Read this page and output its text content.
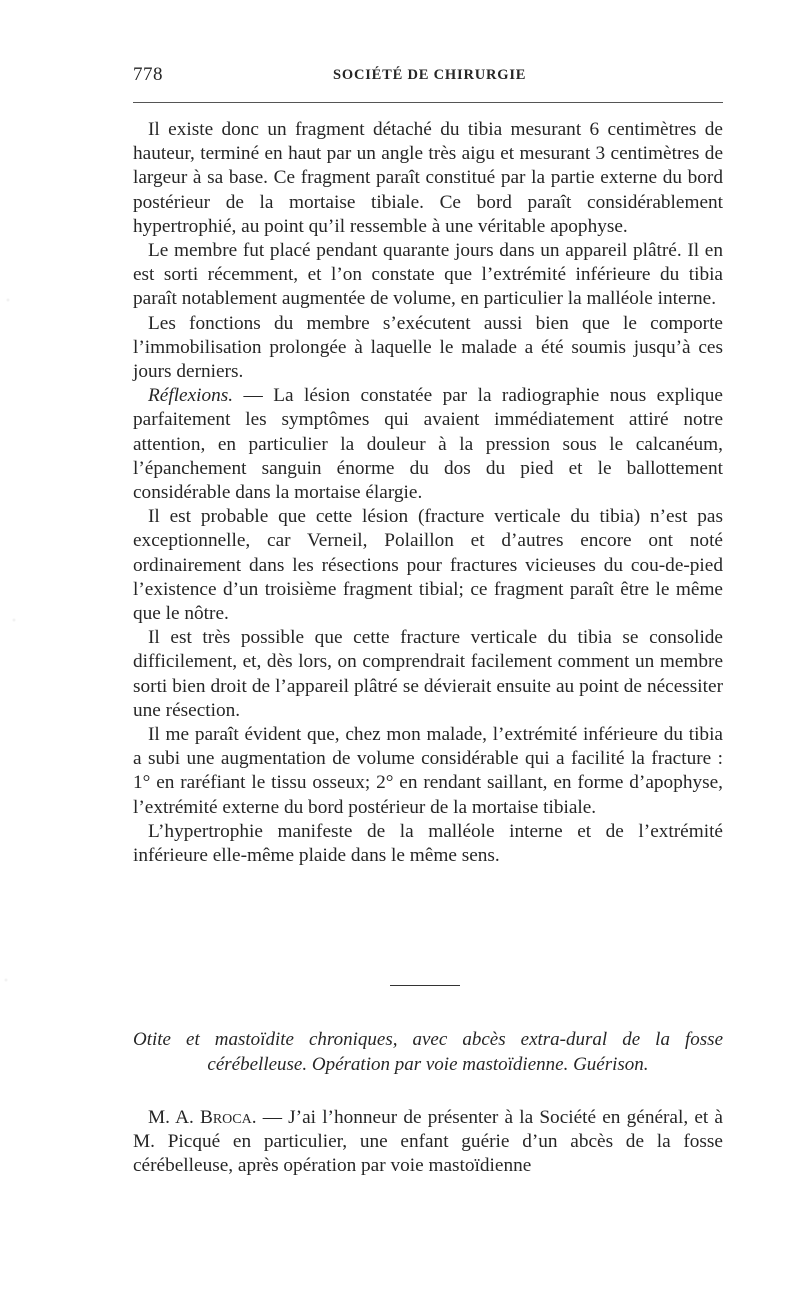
778	SOCIÉTÉ DE CHIRURGIE

Il existe donc un fragment détaché du tibia mesurant 6 centimètres de hauteur, terminé en haut par un angle très aigu et mesurant 3 centimètres de largeur à sa base. Ce fragment paraît constitué par la partie externe du bord postérieur de la mortaise tibiale. Ce bord paraît considérablement hypertrophié, au point qu’il ressemble à une véritable apophyse.

Le membre fut placé pendant quarante jours dans un appareil plâtré. Il en est sorti récemment, et l’on constate que l’extrémité inférieure du tibia paraît notablement augmentée de volume, en particulier la malléole interne.

Les fonctions du membre s’exécutent aussi bien que le comporte l’immobilisation prolongée à laquelle le malade a été soumis jusqu’à ces jours derniers.

Réflexions. — La lésion constatée par la radiographie nous explique parfaitement les symptômes qui avaient immédiatement attiré notre attention, en particulier la douleur à la pression sous le calcanéum, l’épanchement sanguin énorme du dos du pied et le ballottement considérable dans la mortaise élargie.

Il est probable que cette lésion (fracture verticale du tibia) n’est pas exceptionnelle, car Verneil, Polaillon et d’autres encore ont noté ordinairement dans les résections pour fractures vicieuses du cou-de-pied l’existence d’un troisième fragment tibial; ce fragment paraît être le même que le nôtre.

Il est très possible que cette fracture verticale du tibia se consolide difficilement, et, dès lors, on comprendrait facilement comment un membre sorti bien droit de l’appareil plâtré se dévierait ensuite au point de nécessiter une résection.

Il me paraît évident que, chez mon malade, l’extrémité inférieure du tibia a subi une augmentation de volume considérable qui a facilité la fracture : 1° en raréfiant le tissu osseux; 2° en rendant saillant, en forme d’apophyse, l’extrémité externe du bord postérieur de la mortaise tibiale.

L’hypertrophie manifeste de la malléole interne et de l’extrémité inférieure elle-même plaide dans le même sens.

Otite et mastoïdite chroniques, avec abcès extra-dural de la fosse
cérébelleuse. Opération par voie mastoïdienne. Guérison.

M. A. Broca. — J’ai l’honneur de présenter à la Société en général, et à M. Picqué en particulier, une enfant guérie d’un abcès de la fosse cérébelleuse, après opération par voie mastoïdienne
